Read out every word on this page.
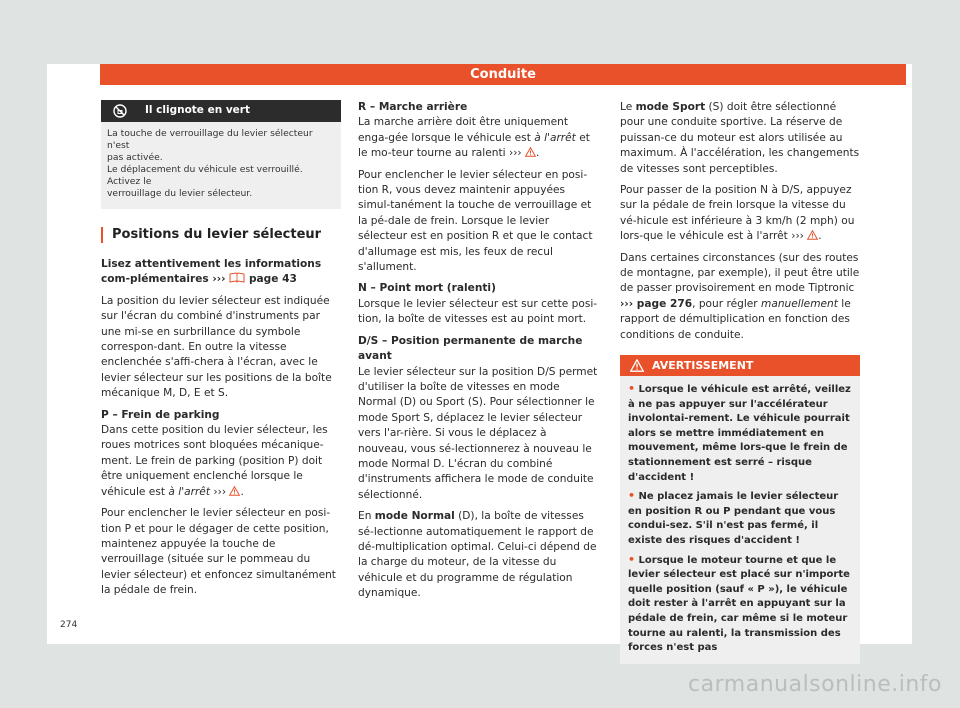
Conduite
Il clignote en vert
La touche de verrouillage du levier sélecteur n'est
pas activée.
Le déplacement du véhicule est verrouillé. Activez le
verrouillage du levier sélecteur.
Positions du levier sélecteur

Lisez attentivement les informations com-plémentaires ››› page 43

La position du levier sélecteur est indiquée sur l'écran du combiné d'instruments par une mi-se en surbrillance du symbole correspon-dant. En outre la vitesse enclenchée s'affi-chera à l'écran, avec le levier sélecteur sur les positions de la boîte mécanique M, D, E et S.

P – Frein de parking

Dans cette position du levier sélecteur, les roues motrices sont bloquées mécanique-ment. Le frein de parking (position P) doit être uniquement enclenché lorsque le véhicule est à l'arrêt ››› .

Pour enclencher le levier sélecteur en posi-tion P et pour le dégager de cette position, maintenez appuyée la touche de verrouillage (située sur le pommeau du levier sélecteur) et enfoncez simultanément la pédale de frein.

R – Marche arrière

La marche arrière doit être uniquement enga-gée lorsque le véhicule est à l'arrêt et le mo-teur tourne au ralenti ››› .

Pour enclencher le levier sélecteur en posi-tion R, vous devez maintenir appuyées simul-tanément la touche de verrouillage et la pé-dale de frein. Lorsque le levier sélecteur est en position R et que le contact d'allumage est mis, les feux de recul s'allument.

N – Point mort (ralenti)

Lorsque le levier sélecteur est sur cette posi-tion, la boîte de vitesses est au point mort.

D/S – Position permanente de marche avant

Le levier sélecteur sur la position D/S permet d'utiliser la boîte de vitesses en mode Normal (D) ou Sport (S). Pour sélectionner le mode Sport S, déplacez le levier sélecteur vers l'ar-rière. Si vous le déplacez à nouveau, vous sé-lectionnerez à nouveau le mode Normal D. L'écran du combiné d'instruments affichera le mode de conduite sélectionné.

En mode Normal (D), la boîte de vitesses sé-lectionne automatiquement le rapport de dé-multiplication optimal. Celui-ci dépend de la charge du moteur, de la vitesse du véhicule et du programme de régulation dynamique.

Le mode Sport (S) doit être sélectionné pour une conduite sportive. La réserve de puissan-ce du moteur est alors utilisée au maximum. À l'accélération, les changements de vitesses sont perceptibles.

Pour passer de la position N à D/S, appuyez sur la pédale de frein lorsque la vitesse du vé-hicule est inférieure à 3 km/h (2 mph) ou lors-que le véhicule est à l'arrêt ››› .

Dans certaines circonstances (sur des routes de montagne, par exemple), il peut être utile de passer provisoirement en mode Tiptronic ››› page 276, pour régler manuellement le rapport de démultiplication en fonction des conditions de conduite.

AVERTISSEMENT
• Lorsque le véhicule est arrêté, veillez à ne pas appuyer sur l'accélérateur involontai-rement. Le véhicule pourrait alors se mettre immédiatement en mouvement, même lors-que le frein de stationnement est serré – risque d'accident !
• Ne placez jamais le levier sélecteur en position R ou P pendant que vous condui-sez. S'il n'est pas fermé, il existe des risques d'accident !
• Lorsque le moteur tourne et que le levier sélecteur est placé sur n'importe quelle position (sauf « P »), le véhicule doit rester à l'arrêt en appuyant sur la pédale de frein, car même si le moteur tourne au ralenti, la transmission des forces n'est pas
274
carmanualsonline.info
